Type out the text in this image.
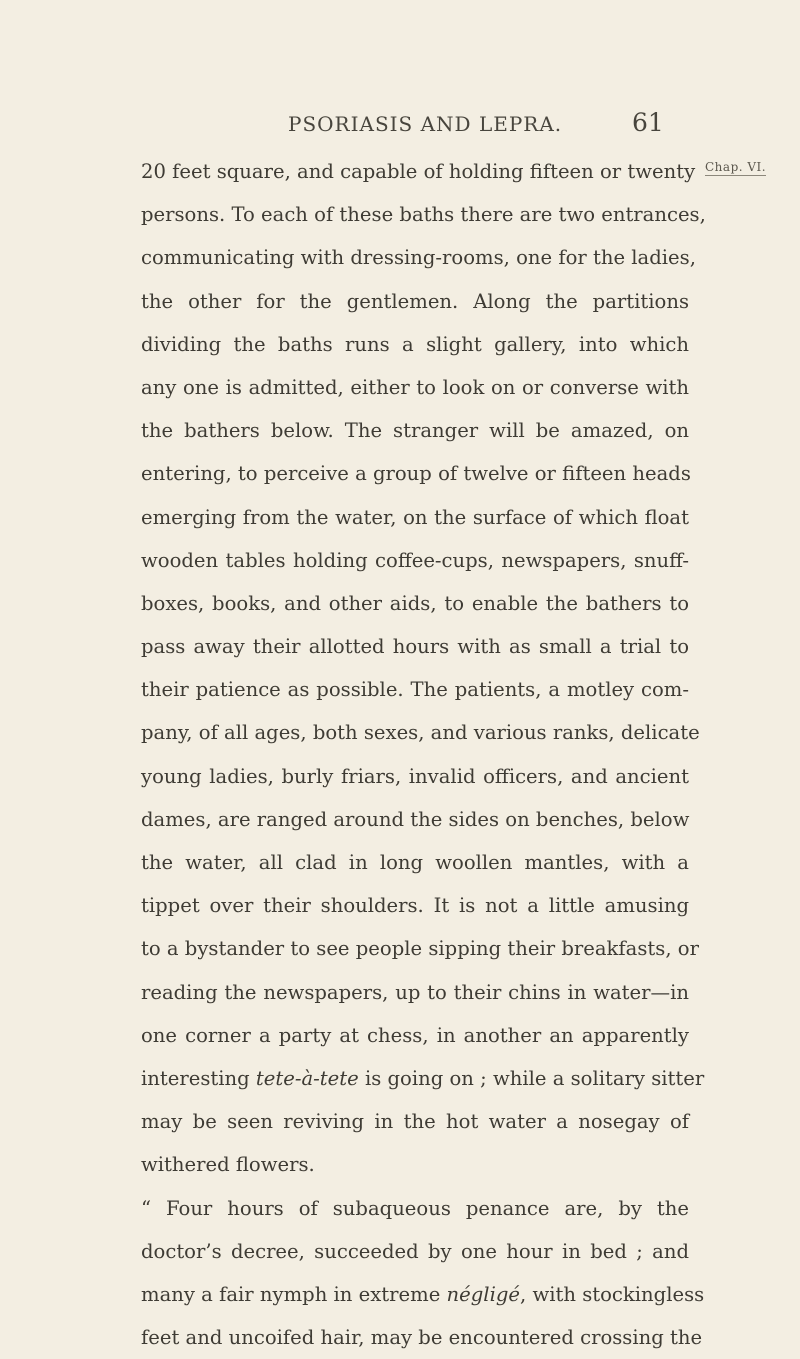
PSORIASIS AND LEPRA.	61
Chap. VI.
20 feet square, and capable of holding fifteen or twenty
persons. To each of these baths there are two entrances,
communicating with dressing-rooms, one for the ladies,
the other for the gentlemen. Along the partitions
dividing the baths runs a slight gallery, into which
any one is admitted, either to look on or converse with
the bathers below. The stranger will be amazed, on
entering, to perceive a group of twelve or fifteen heads
emerging from the water, on the surface of which float
wooden tables holding coffee-cups, newspapers, snuff-
boxes, books, and other aids, to enable the bathers to
pass away their allotted hours with as small a trial to
their patience as possible. The patients, a motley com-
pany, of all ages, both sexes, and various ranks, delicate
young ladies, burly friars, invalid officers, and ancient
dames, are ranged around the sides on benches, below
the water, all clad in long woollen mantles, with a
tippet over their shoulders. It is not a little amusing
to a bystander to see people sipping their breakfasts, or
reading the newspapers, up to their chins in water—in
one corner a party at chess, in another an apparently
interesting tete-à-tete is going on ; while a solitary sitter
may be seen reviving in the hot water a nosegay of
withered flowers.
“ Four hours of subaqueous penance are, by the
doctor’s decree, succeeded by one hour in bed ; and
many a fair nymph in extreme négligé, with stockingless
feet and uncoifed hair, may be encountered crossing the
